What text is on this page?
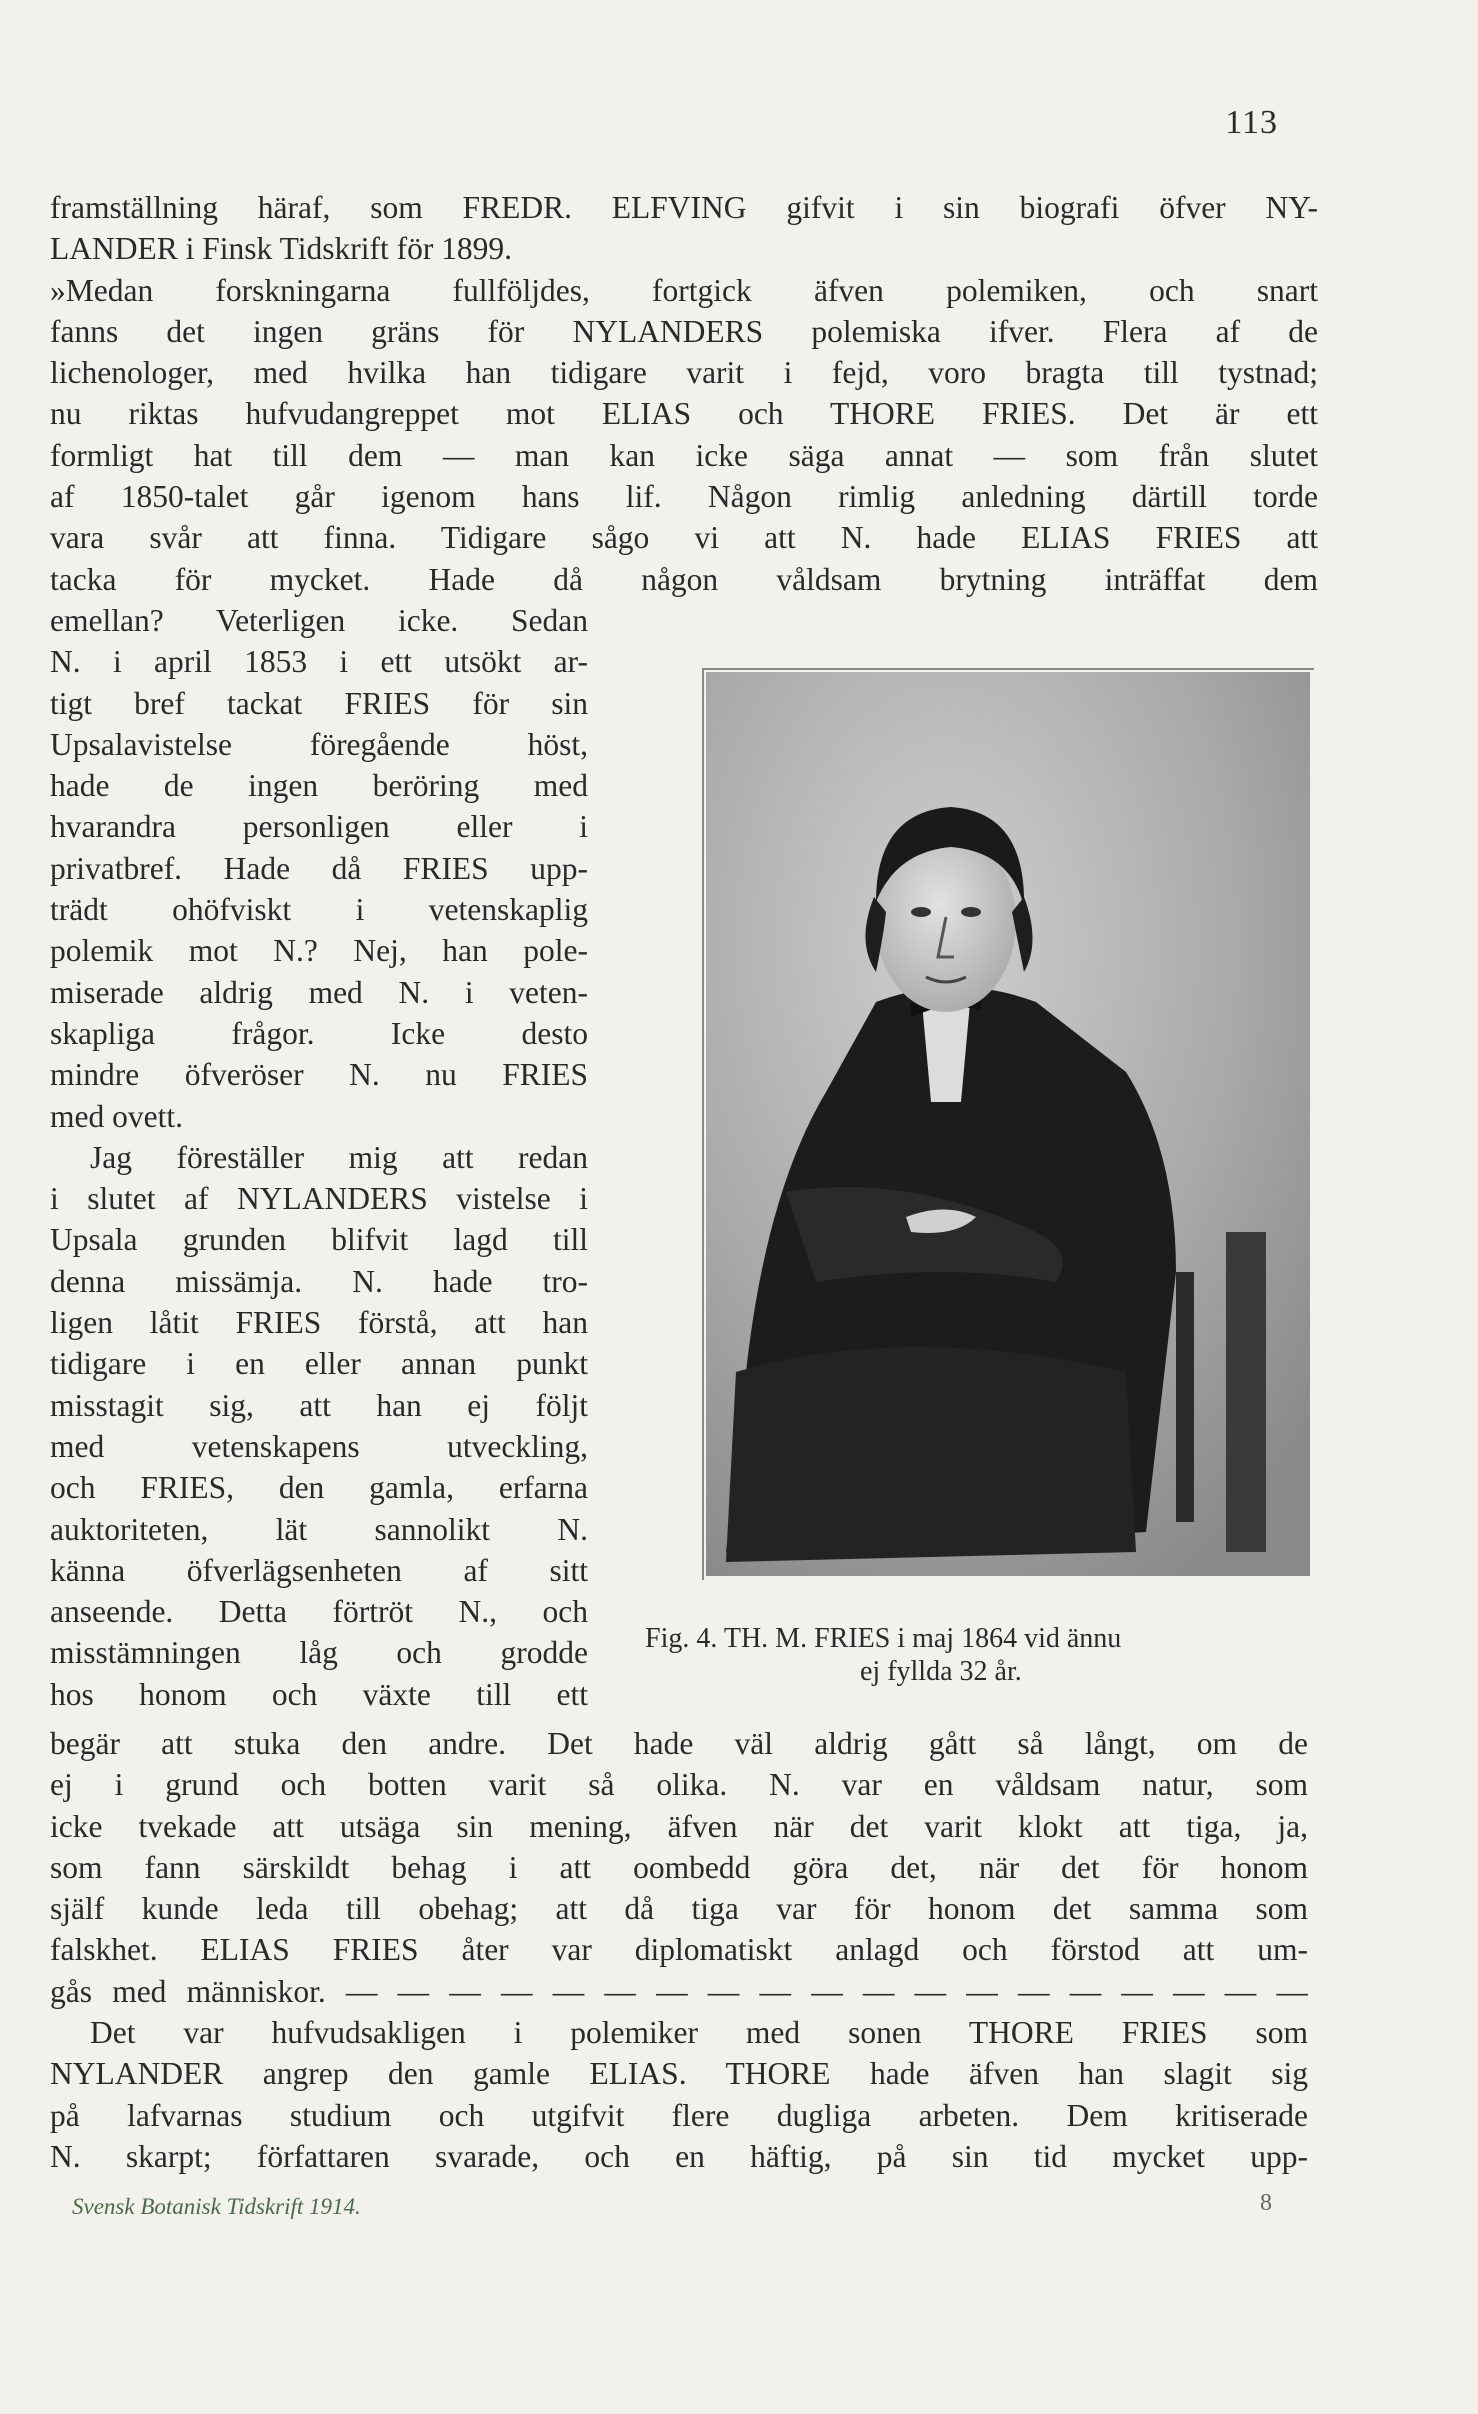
113
framställning häraf, som FREDR. ELFVING gifvit i sin biografi öfver NY-
LANDER i Finsk Tidskrift för 1899.
»Medan forskningarna fullföljdes, fortgick äfven polemiken, och snart
fanns det ingen gräns för NYLANDERS polemiska ifver. Flera af de
lichenologer, med hvilka han tidigare varit i fejd, voro bragta till tystnad;
nu riktas hufvudangreppet mot ELIAS och THORE FRIES. Det är ett
formligt hat till dem — man kan icke säga annat — som från slutet
af 1850-talet går igenom hans lif. Någon rimlig anledning därtill torde
vara svår att finna. Tidigare sågo vi att N. hade ELIAS FRIES att
tacka för mycket. Hade då någon våldsam brytning inträffat dem
emellan? Veterligen icke. Sedan
N. i april 1853 i ett utsökt ar-
tigt bref tackat FRIES för sin
Upsalavistelse föregående höst,
hade de ingen beröring med
hvarandra personligen eller i
privatbref. Hade då FRIES upp-
trädt ohöfviskt i vetenskaplig
polemik mot N.? Nej, han pole-
miserade aldrig med N. i veten-
skapliga frågor. Icke desto
mindre öfveröser N. nu FRIES
med ovett.
Jag föreställer mig att redan
i slutet af NYLANDERS vistelse i
Upsala grunden blifvit lagd till
denna missämja. N. hade tro-
ligen låtit FRIES förstå, att han
tidigare i en eller annan punkt
misstagit sig, att han ej följt
med vetenskapens utveckling,
och FRIES, den gamla, erfarna
auktoriteten, lät sannolikt N.
känna öfverlägsenheten af sitt
anseende. Detta förtröt N., och
misstämningen låg och grodde
hos honom och växte till ett
Fig. 4. TH. M. FRIES i maj 1864 vid ännu
ej fyllda 32 år.
begär att stuka den andre. Det hade väl aldrig gått så långt, om de
ej i grund och botten varit så olika. N. var en våldsam natur, som
icke tvekade att utsäga sin mening, äfven när det varit klokt att tiga, ja,
som fann särskildt behag i att oombedd göra det, när det för honom
själf kunde leda till obehag; att då tiga var för honom det samma som
falskhet. ELIAS FRIES åter var diplomatiskt anlagd och förstod att um-
gås med människor. — — — — — — — — — — — — — — — — — — —
Det var hufvudsakligen i polemiker med sonen THORE FRIES som
NYLANDER angrep den gamle ELIAS. THORE hade äfven han slagit sig
på lafvarnas studium och utgifvit flere dugliga arbeten. Dem kritiserade
N. skarpt; författaren svarade, och en häftig, på sin tid mycket upp-
Svensk Botanisk Tidskrift 1914.	8
